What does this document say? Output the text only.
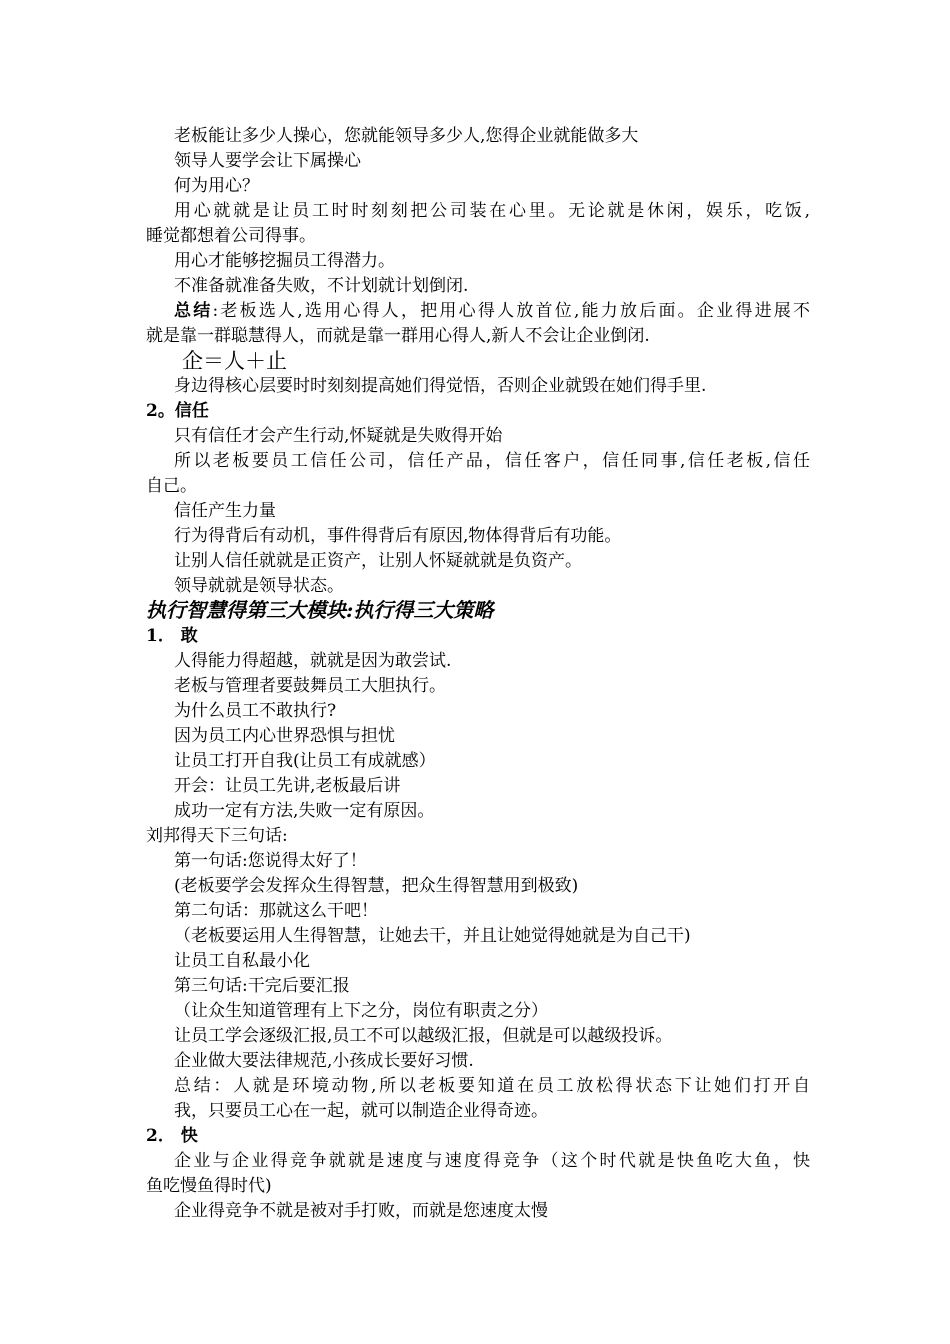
老板能让多少人操心，您就能领导多少人,您得企业就能做多大
领导人要学会让下属操心
何为用心？
用心就就是让员工时时刻刻把公司装在心里。无论就是休闲，娱乐，吃饭,
睡觉都想着公司得事。
用心才能够挖掘员工得潜力。
不准备就准备失败，不计划就计划倒闭.
总结:老板选人,选用心得人，把用心得人放首位,能力放后面。企业得进展不
就是靠一群聪慧得人，而就是靠一群用心得人,新人不会让企业倒闭.
企＝人＋止
身边得核心层要时时刻刻提高她们得觉悟，否则企业就毁在她们得手里.
2。信任
只有信任才会产生行动,怀疑就是失败得开始
所以老板要员工信任公司，信任产品，信任客户，信任同事,信任老板,信任
自己。
信任产生力量
行为得背后有动机，事件得背后有原因,物体得背后有功能。
让别人信任就就是正资产，让别人怀疑就就是负资产。
领导就就是领导状态。
执行智慧得第三大模块:执行得三大策略
1． 敢
人得能力得超越，就就是因为敢尝试.
老板与管理者要鼓舞员工大胆执行。
为什么员工不敢执行?
因为员工内心世界恐惧与担忧
让员工打开自我(让员工有成就感）
开会：让员工先讲,老板最后讲
成功一定有方法,失败一定有原因。
刘邦得天下三句话:
第一句话:您说得太好了！
(老板要学会发挥众生得智慧，把众生得智慧用到极致)
第二句话：那就这么干吧！
（老板要运用人生得智慧，让她去干，并且让她觉得她就是为自己干)
让员工自私最小化
第三句话:干完后要汇报
（让众生知道管理有上下之分，岗位有职责之分）
让员工学会逐级汇报,员工不可以越级汇报，但就是可以越级投诉。
企业做大要法律规范,小孩成长要好习惯.
总结：人就是环境动物,所以老板要知道在员工放松得状态下让她们打开自
我，只要员工心在一起，就可以制造企业得奇迹。
2． 快
企业与企业得竞争就就是速度与速度得竞争（这个时代就是快鱼吃大鱼，快
鱼吃慢鱼得时代)
企业得竞争不就是被对手打败，而就是您速度太慢
